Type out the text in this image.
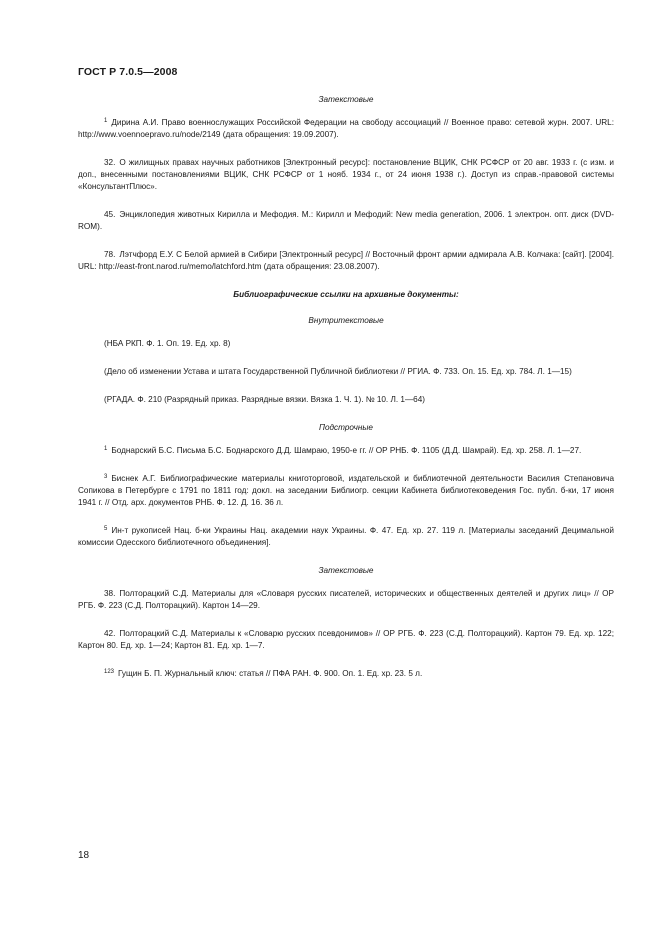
ГОСТ Р 7.0.5—2008
Затекстовые
$^1$ Дирина А.И. Право военнослужащих Российской Федерации на свободу ассоциаций // Военное право: сетевой журн. 2007. URL: http://www.voennoepravo.ru/node/2149 (дата обращения: 19.09.2007).
32. О жилищных правах научных работников [Электронный ресурс]: постановление ВЦИК, СНК РСФСР от 20 авг. 1933 г. (с изм. и доп., внесенными постановлениями ВЦИК, СНК РСФСР от 1 нояб. 1934 г., от 24 июня 1938 г.). Доступ из справ.-правовой системы «КонсультантПлюс».
45. Энциклопедия животных Кирилла и Мефодия. М.: Кирилл и Мефодий: New media generation, 2006. 1 электрон. опт. диск (DVD-ROM).
78. Лэтчфорд Е.У. С Белой армией в Сибири [Электронный ресурс] // Восточный фронт армии адмирала А.В. Колчака: [сайт]. [2004]. URL: http://east-front.narod.ru/memo/latchford.htm (дата обращения: 23.08.2007).
Библиографические ссылки на архивные документы:
Внутритекстовые
(НБА РКП. Ф. 1. Оп. 19. Ед. хр. 8)
(Дело об изменении Устава и штата Государственной Публичной библиотеки // РГИА. Ф. 733. Оп. 15. Ед. хр. 784. Л. 1—15)
(РГАДА. Ф. 210 (Разрядный приказ. Разрядные вязки. Вязка 1. Ч. 1). № 10. Л. 1—64)
Подстрочные
$^1$ Боднарский Б.С. Письма Б.С. Боднарского Д.Д. Шамраю, 1950-е гг. // ОР РНБ. Ф. 1105 (Д.Д. Шамрай). Ед. хр. 258. Л. 1—27.
$^3$ Биснек А.Г. Библиографические материалы книготорговой, издательской и библиотечной деятельности Василия Степановича Сопикова в Петербурге с 1791 по 1811 год: докл. на заседании Библиогр. секции Кабинета библиотековедения Гос. публ. б-ки, 17 июня 1941 г. // Отд. арх. документов РНБ. Ф. 12. Д. 16. 36 л.
$^5$ Ин-т рукописей Нац. б-ки Украины Нац. академии наук Украины. Ф. 47. Ед. хр. 27. 119 л. [Материалы заседаний Децимальной комиссии Одесского библиотечного объединения].
Затекстовые
38. Полторацкий С.Д. Материалы для «Словаря русских писателей, исторических и общественных деятелей и других лиц» // ОР РГБ. Ф. 223 (С.Д. Полторацкий). Картон 14—29.
42. Полторацкий С.Д. Материалы к «Словарю русских псевдонимов» // ОР РГБ. Ф. 223 (С.Д. Полторацкий). Картон 79. Ед. хр. 122; Картон 80. Ед. хр. 1—24; Картон 81. Ед. хр. 1—7.
$^{123}$ Гущин Б. П. Журнальный ключ: статья // ПФА РАН. Ф. 900. Оп. 1. Ед. хр. 23. 5 л.
18
